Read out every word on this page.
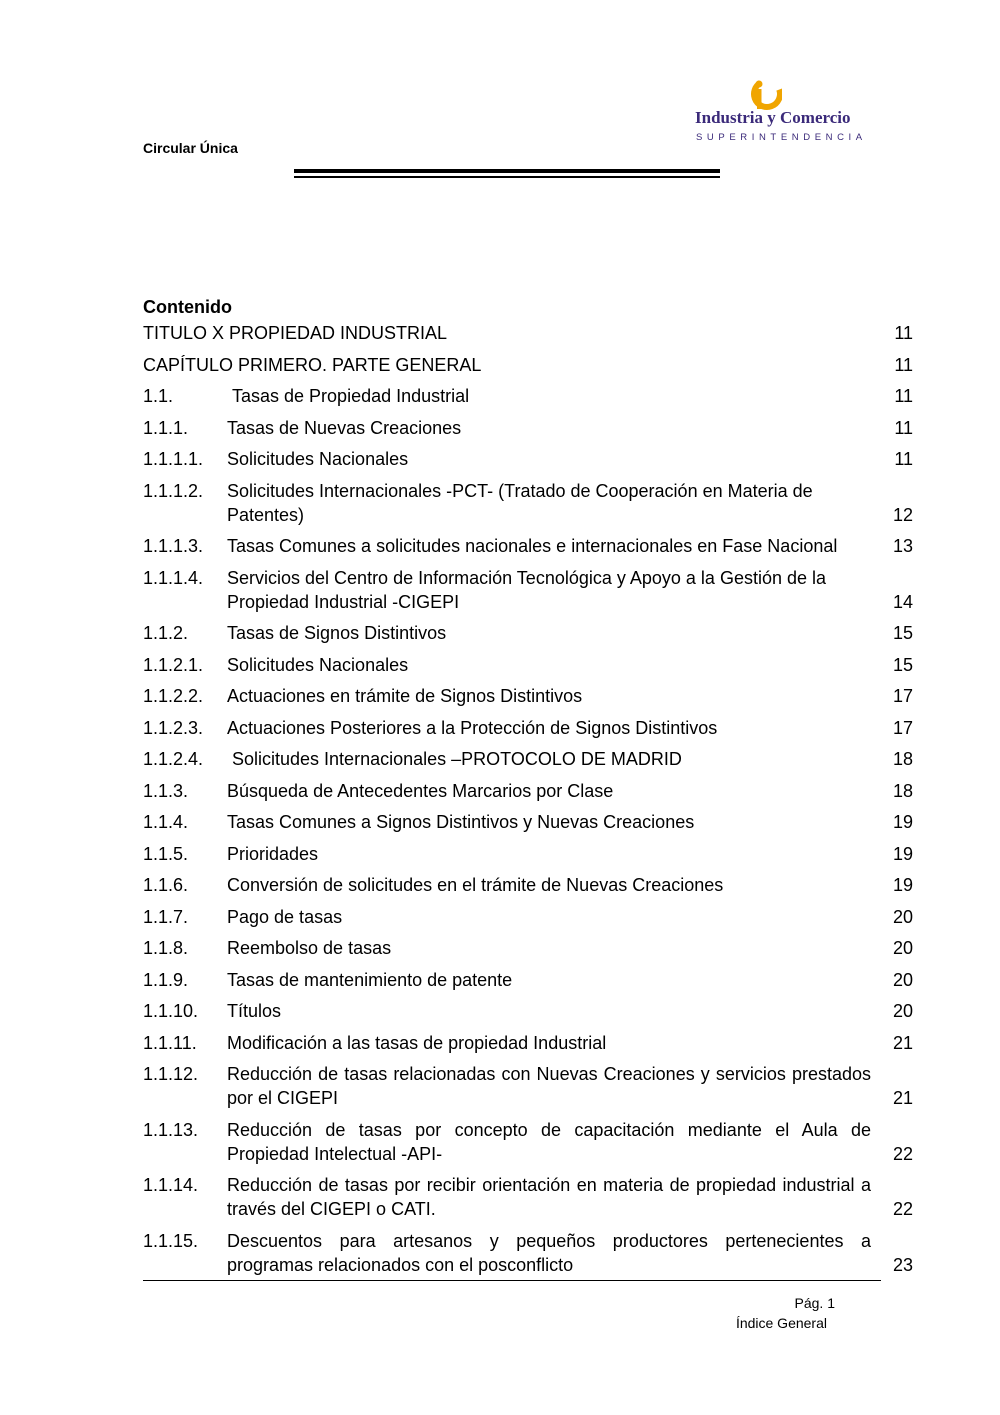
Circular Única
Industria y Comercio
SUPERINTENDENCIA
Contenido
TITULO X PROPIEDAD INDUSTRIAL	11
CAPÍTULO PRIMERO. PARTE GENERAL	11
1.1.	Tasas de Propiedad Industrial	11
1.1.1. Tasas de Nuevas Creaciones	11
1.1.1.1. Solicitudes Nacionales	11
1.1.1.2. Solicitudes Internacionales -PCT- (Tratado de Cooperación en Materia de Patentes)	12
1.1.1.3. Tasas Comunes a solicitudes nacionales e internacionales en Fase Nacional	13
1.1.1.4. Servicios del Centro de Información Tecnológica y Apoyo a la Gestión de la Propiedad Industrial -CIGEPI	14
1.1.2. Tasas de Signos Distintivos	15
1.1.2.1. Solicitudes Nacionales	15
1.1.2.2. Actuaciones en trámite de Signos Distintivos	17
1.1.2.3. Actuaciones Posteriores a la Protección de Signos Distintivos	17
1.1.2.4. Solicitudes Internacionales –PROTOCOLO DE MADRID	18
1.1.3. Búsqueda de Antecedentes Marcarios por Clase	18
1.1.4. Tasas Comunes a Signos Distintivos y Nuevas Creaciones	19
1.1.5. Prioridades	19
1.1.6. Conversión de solicitudes en el trámite de Nuevas Creaciones	19
1.1.7. Pago de tasas	20
1.1.8. Reembolso de tasas	20
1.1.9. Tasas de mantenimiento de patente	20
1.1.10. Títulos	20
1.1.11. Modificación a las tasas de propiedad Industrial	21
1.1.12. Reducción de tasas relacionadas con Nuevas Creaciones y servicios prestados por el CIGEPI	21
1.1.13. Reducción de tasas por concepto de capacitación mediante el Aula de Propiedad Intelectual -API-	22
1.1.14. Reducción de tasas por recibir orientación en materia de propiedad industrial a través del CIGEPI o CATI.	22
1.1.15. Descuentos para artesanos y pequeños productores pertenecientes a programas relacionados con el posconflicto	23
Pág. 1
Índice General
